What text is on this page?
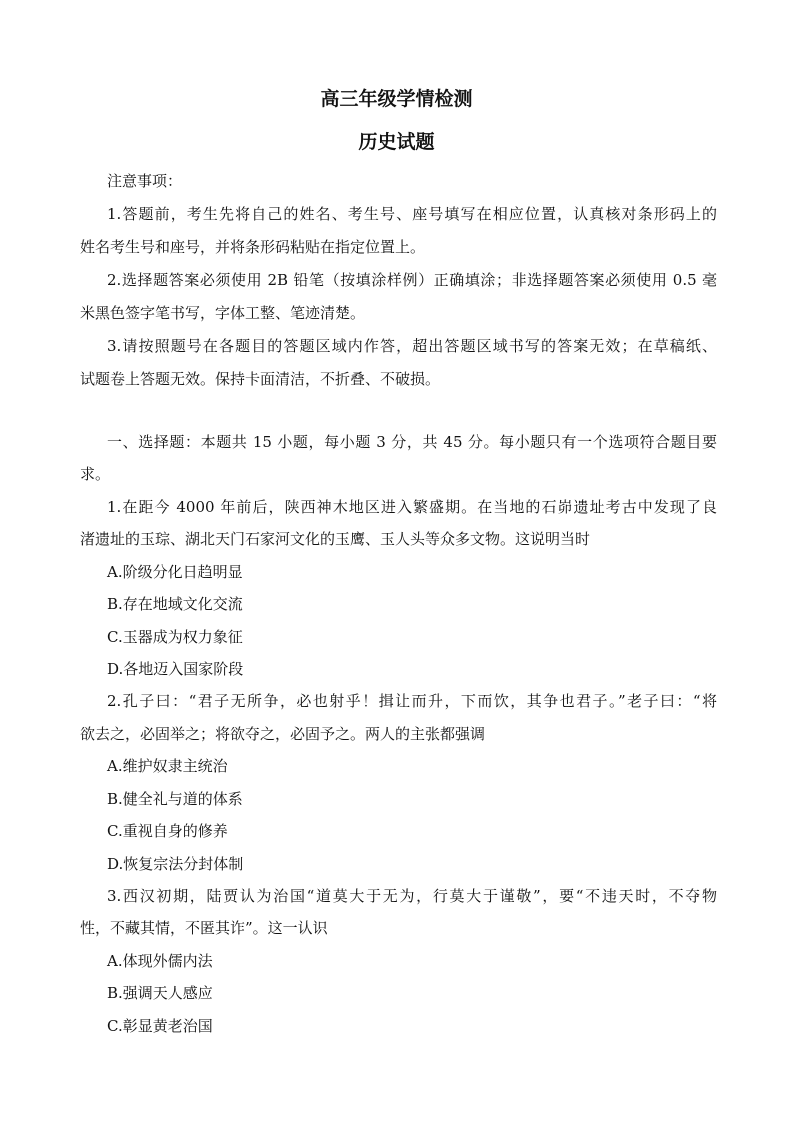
高三年级学情检测
历史试题
注意事项：
1.答题前，考生先将自己的姓名、考生号、座号填写在相应位置，认真核对条形码上的
姓名考生号和座号，并将条形码粘贴在指定位置上。
2.选择题答案必须使用 2B 铅笔（按填涂样例）正确填涂；非选择题答案必须使用 0.5 毫
米黑色签字笔书写，字体工整、笔迹清楚。
3.请按照题号在各题目的答题区域内作答，超出答题区域书写的答案无效；在草稿纸、
试题卷上答题无效。保持卡面清洁，不折叠、不破损。
一、选择题：本题共 15 小题，每小题 3 分，共 45 分。每小题只有一个选项符合题目要
求。
1.在距今 4000 年前后，陕西神木地区进入繁盛期。在当地的石峁遗址考古中发现了良
渚遗址的玉琮、湖北天门石家河文化的玉鹰、玉人头等众多文物。这说明当时
A.阶级分化日趋明显
B.存在地域文化交流
C.玉器成为权力象征
D.各地迈入国家阶段
2.孔子曰：“君子无所争，必也射乎！揖让而升，下而饮，其争也君子。”老子曰：“将
欲去之，必固举之；将欲夺之，必固予之。两人的主张都强调
A.维护奴隶主统治
B.健全礼与道的体系
C.重视自身的修养
D.恢复宗法分封体制
3.西汉初期，陆贾认为治国“道莫大于无为，行莫大于谨敬”，要“不违天时，不夺物
性，不藏其情，不匿其诈”。这一认识
A.体现外儒内法
B.强调天人感应
C.彰显黄老治国
